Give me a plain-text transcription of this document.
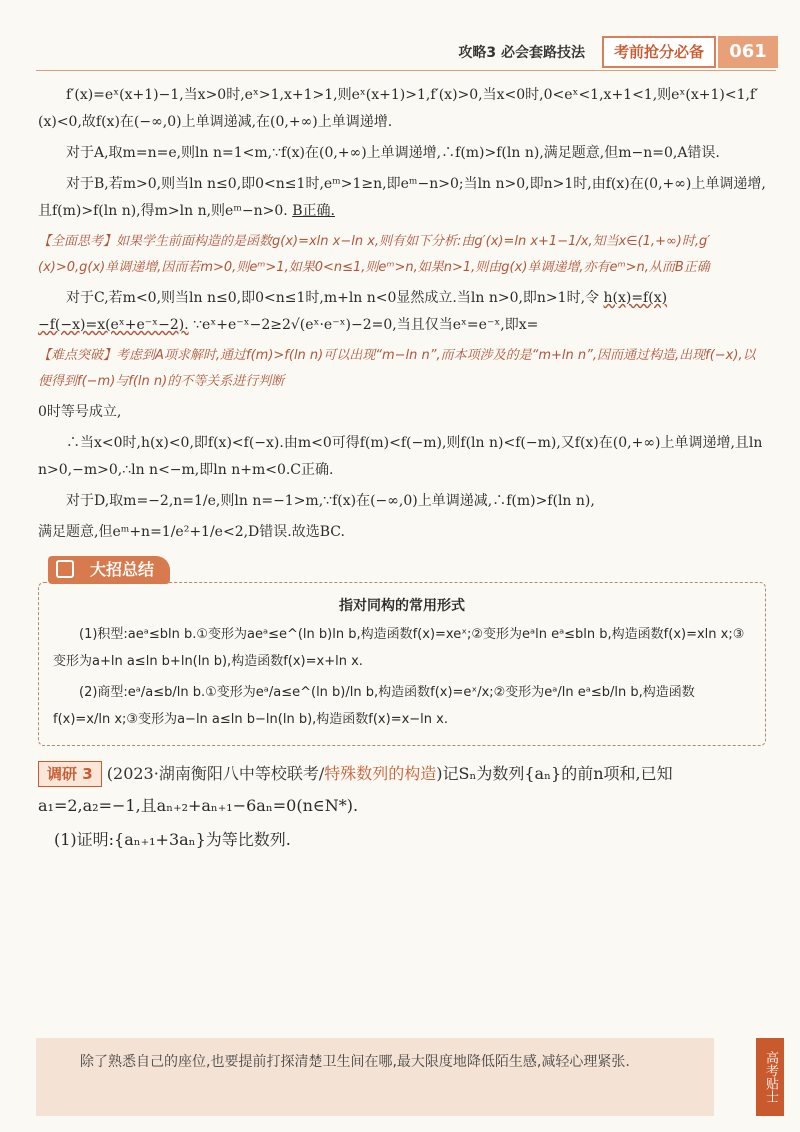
攻略3 必会套路技法	考前抢分必备	061

f′(x)=eˣ(x+1)−1,当x>0时,eˣ>1,x+1>1,则eˣ(x+1)>1,f′(x)>0,当x<0时,0<eˣ<1,x+1<1,则eˣ(x+1)<1,f′(x)<0,故f(x)在(−∞,0)上单调递减,在(0,+∞)上单调递增.

对于A,取m=n=e,则ln n=1<m,∵f(x)在(0,+∞)上单调递增,∴f(m)>f(ln n),满足题意,但m−n=0,A错误.

对于B,若m>0,则当ln n≤0,即0<n≤1时,eᵐ>1≥n,即eᵐ−n>0;当ln n>0,即n>1时,由f(x)在(0,+∞)上单调递增,且f(m)>f(ln n),得m>ln n,则eᵐ−n>0. B正确.

【全面思考】如果学生前面构造的是函数g(x)=xln x−ln x,则有如下分析:由g′(x)=ln x+1−1/x,知当x∈(1,+∞)时,g′(x)>0,g(x)单调递增,因而若m>0,则eᵐ>1,如果0<n≤1,则eᵐ>n,如果n>1,则由g(x)单调递增,亦有eᵐ>n,从而B正确

对于C,若m<0,则当ln n≤0,即0<n≤1时,m+ln n<0显然成立.当ln n>0,即n>1时,令 h(x)=f(x)−f(−x)=x(eˣ+e⁻ˣ−2). ∵eˣ+e⁻ˣ−2≥2√(eˣ·e⁻ˣ)−2=0,当且仅当eˣ=e⁻ˣ,即x=

【难点突破】考虑到A项求解时,通过f(m)>f(ln n)可以出现“m−ln n”,而本项涉及的是“m+ln n”,因而通过构造,出现f(−x),以便得到f(−m)与f(ln n)的不等关系进行判断

0时等号成立,

∴当x<0时,h(x)<0,即f(x)<f(−x).由m<0可得f(m)<f(−m),则f(ln n)<f(−m),又f(x)在(0,+∞)上单调递增,且ln n>0,−m>0,∴ln n<−m,即ln n+m<0.C正确.

对于D,取m=−2,n=1/e,则ln n=−1>m,∵f(x)在(−∞,0)上单调递减,∴f(m)>f(ln n),

满足题意,但eᵐ+n=1/e²+1/e<2,D错误.故选BC.

大招总结
指对同构的常用形式

(1)积型:aeᵃ≤bln b.①变形为aeᵃ≤e^(ln b)ln b,构造函数f(x)=xeˣ;②变形为eᵃln eᵃ≤bln b,构造函数f(x)=xln x;③变形为a+ln a≤ln b+ln(ln b),构造函数f(x)=x+ln x.

(2)商型:eᵃ/a≤b/ln b.①变形为eᵃ/a≤e^(ln b)/ln b,构造函数f(x)=eˣ/x;②变形为eᵃ/ln eᵃ≤b/ln b,构造函数f(x)=x/ln x;③变形为a−ln a≤ln b−ln(ln b),构造函数f(x)=x−ln x.

调研 3 (2023·湖南衡阳八中等校联考/特殊数列的构造)记Sₙ为数列{aₙ}的前n项和,已知a₁=2,a₂=−1,且aₙ₊₂+aₙ₊₁−6aₙ=0(n∈N*).
(1)证明:{aₙ₊₁+3aₙ}为等比数列.
除了熟悉自己的座位,也要提前打探清楚卫生间在哪,最大限度地降低陌生感,减轻心理紧张.	高考贴士
